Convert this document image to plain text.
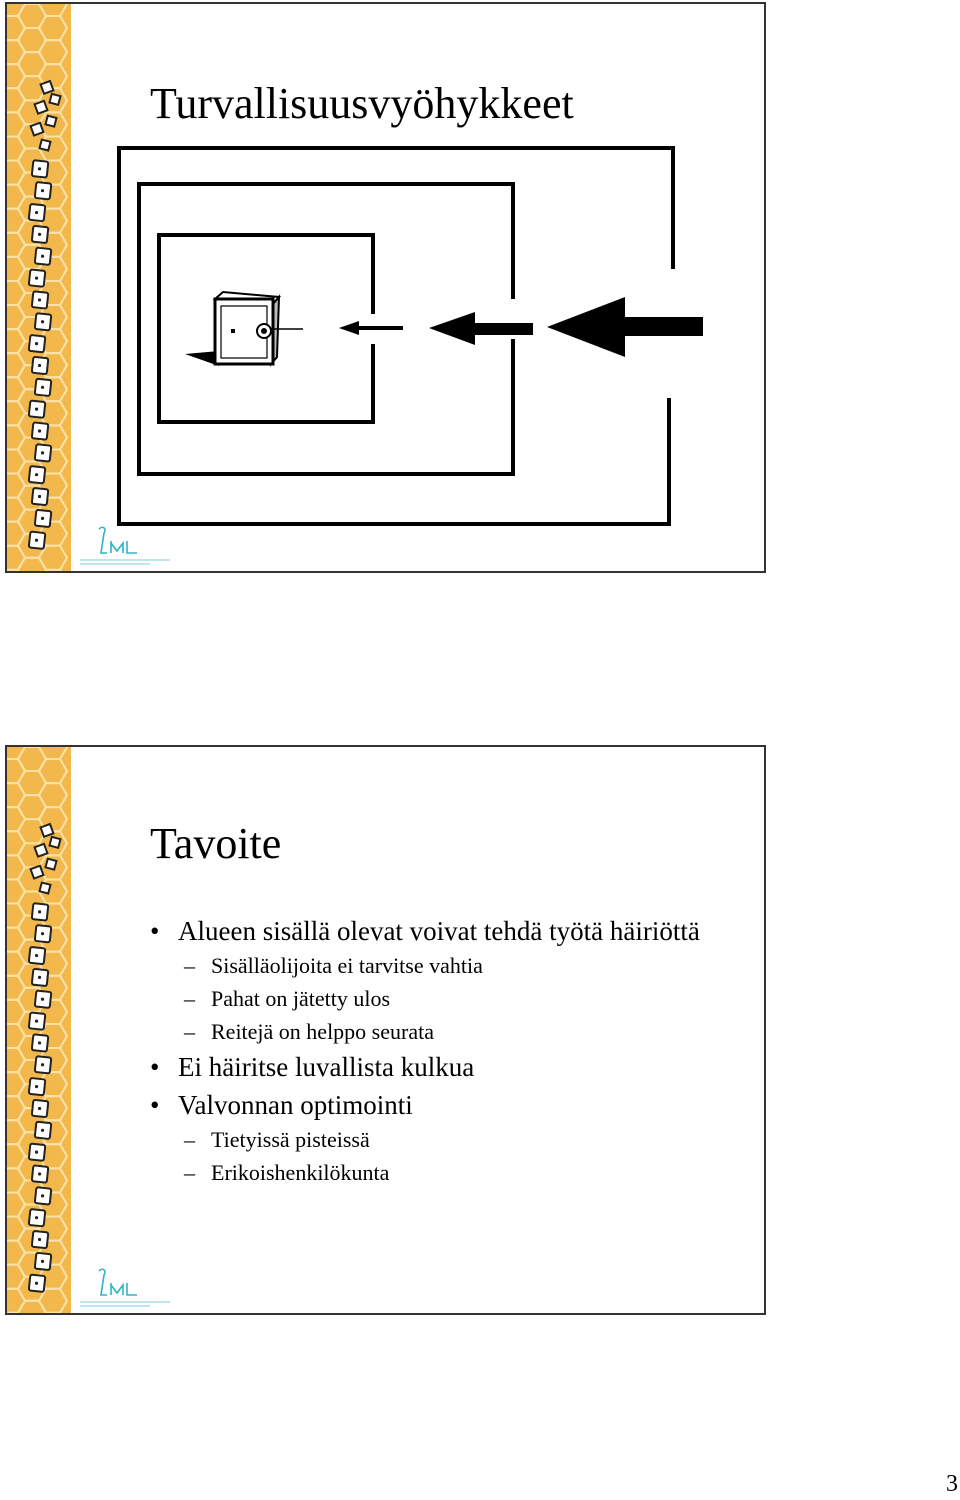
Turvallisuusvyöhykkeet
Tavoite

• Alueen sisällä olevat voivat tehdä työtä häiriöttä

– Sisälläolijoita ei tarvitse vahtia

– Pahat on jätetty ulos

– Reitejä on helppo seurata

• Ei häiritse luvallista kulkua

• Valvonnan optimointi

– Tietyissä pisteissä

– Erikoishenkilökunta

3
